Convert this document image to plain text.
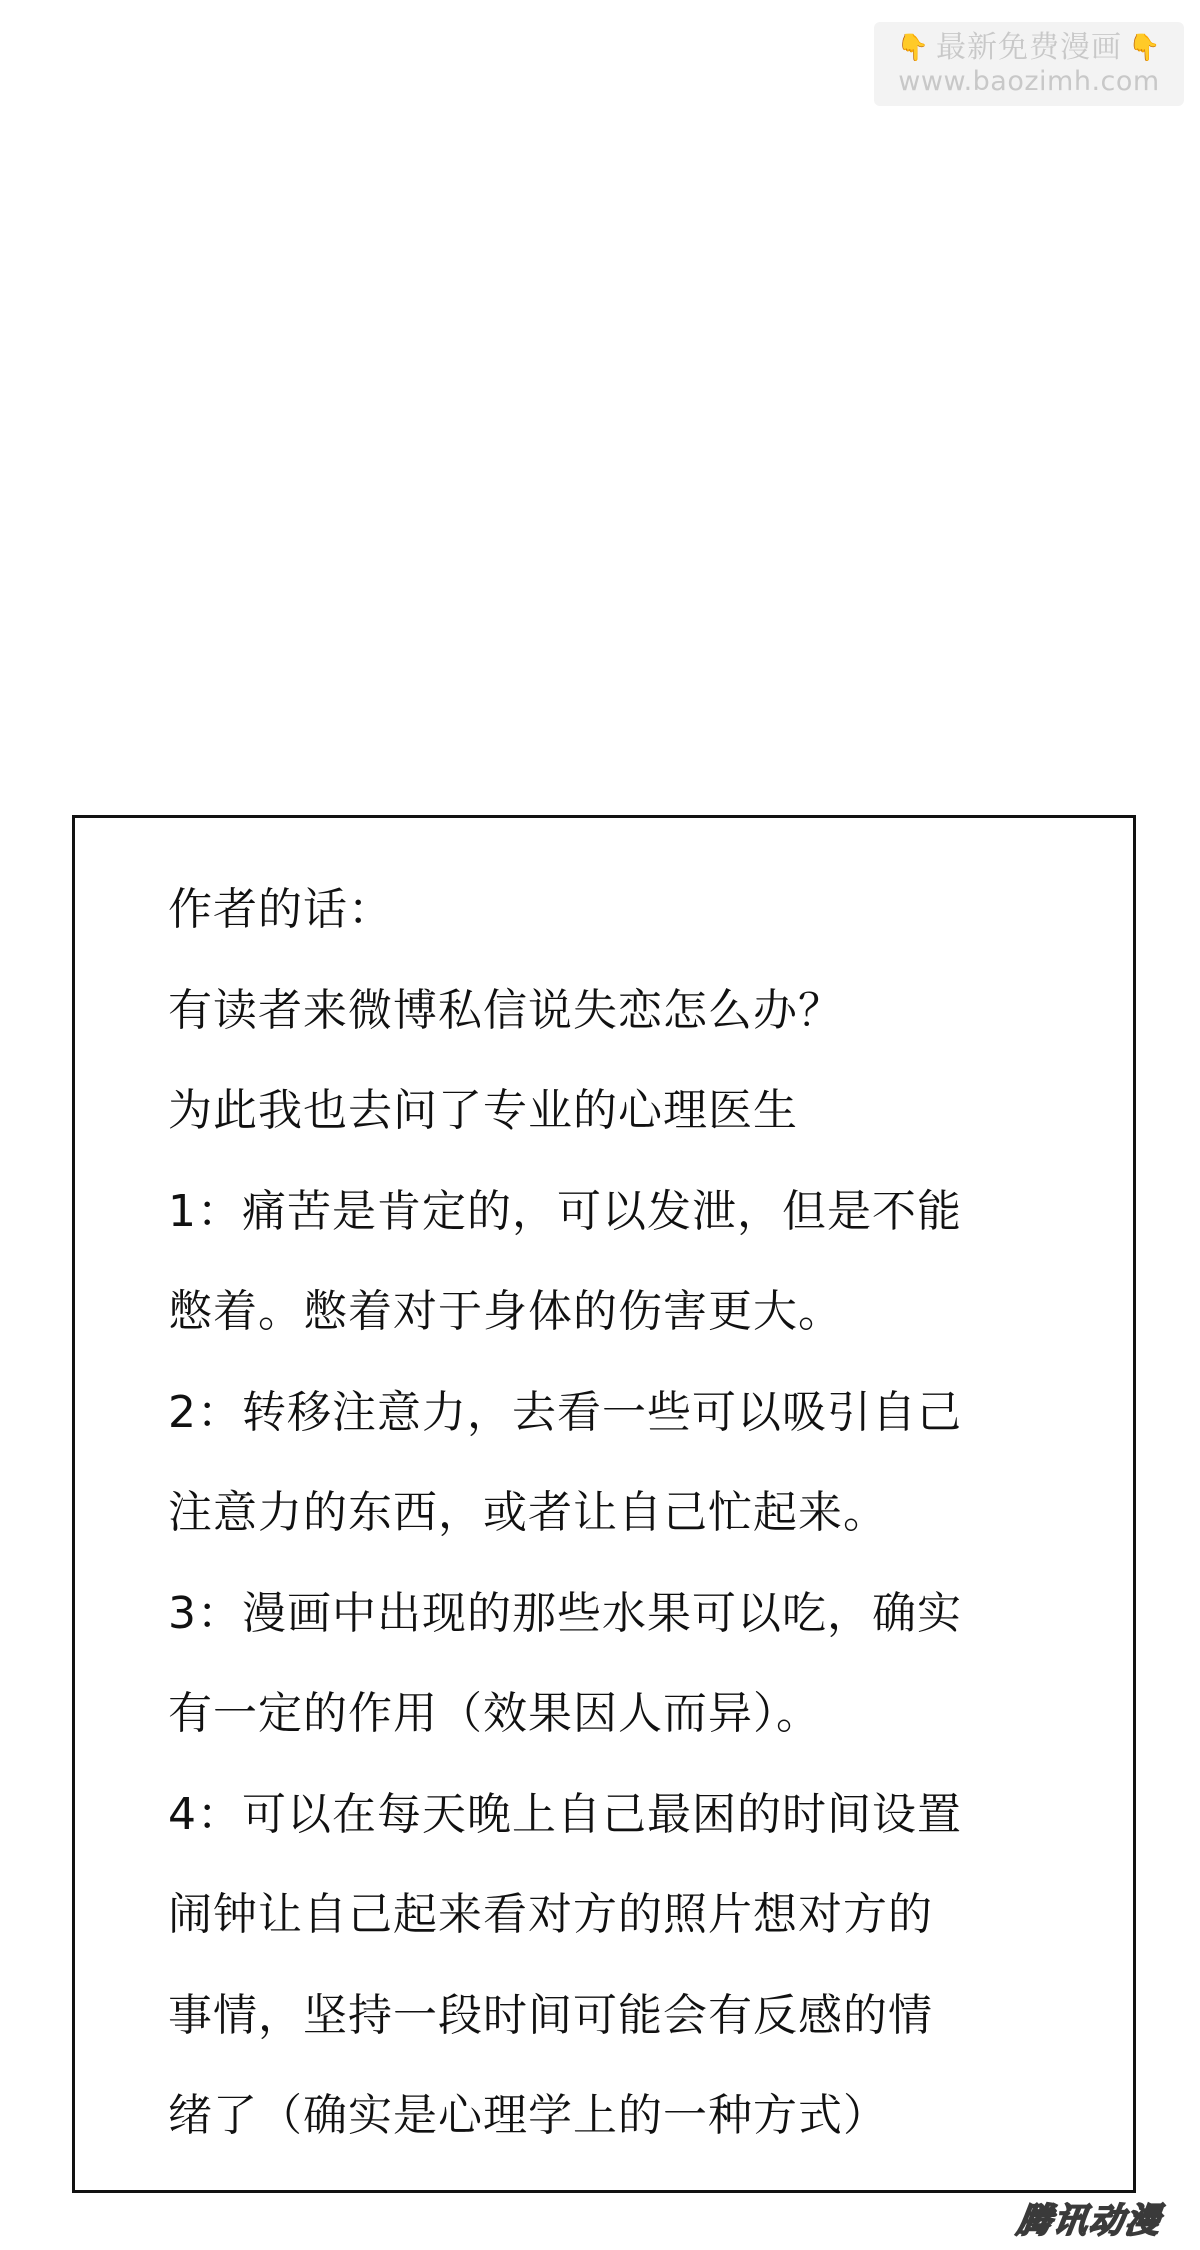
👇 最新免费漫画 👇
www.baozimh.com
作者的话：
有读者来微博私信说失恋怎么办？
为此我也去问了专业的心理医生
1：痛苦是肯定的，可以发泄，但是不能
憋着。憋着对于身体的伤害更大。
2：转移注意力，去看一些可以吸引自己
注意力的东西，或者让自己忙起来。
3：漫画中出现的那些水果可以吃，确实
有一定的作用（效果因人而异）。
4：可以在每天晚上自己最困的时间设置
闹钟让自己起来看对方的照片想对方的
事情，坚持一段时间可能会有反感的情
绪了（确实是心理学上的一种方式）
腾讯动漫
